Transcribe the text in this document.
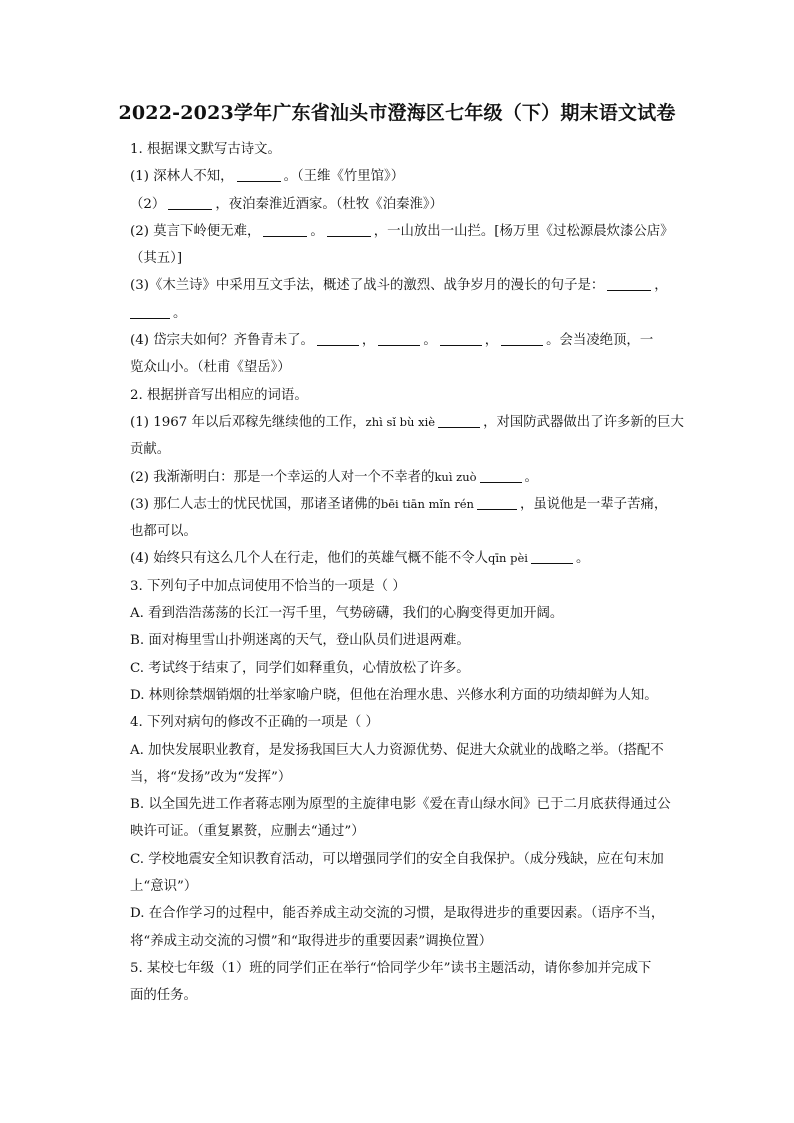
2022-2023学年广东省汕头市澄海区七年级（下）期末语文试卷
1. 根据课文默写古诗文。
(1) 深林人不知，	。（王维《竹里馆》）
（2）	，夜泊秦淮近酒家。（杜牧《泊秦淮》）
(2) 莫言下岭便无难，	。	，一山放出一山拦。[杨万里《过松源晨炊漆公店》
（其五）]
(3)《木兰诗》中采用互文手法，概述了战斗的激烈、战争岁月的漫长的句子是：	，
。
(4) 岱宗夫如何？齐鲁青未了。	，	。	，	。会当凌绝顶，一
览众山小。（杜甫《望岳》）
2. 根据拼音写出相应的词语。
(1) 1967 年以后邓稼先继续他的工作，zhì sǐ bù xiè	，对国防武器做出了许多新的巨大
贡献。
(2) 我渐渐明白：那是一个幸运的人对一个不幸者的kuì zuò	。
(3) 那仁人志士的忧民忧国，那诸圣诸佛的bēi tiān mǐn rén	，虽说他是一辈子苦痛，
也都可以。
(4) 始终只有这么几个人在行走，他们的英雄气概不能不令人qīn pèi	。
3. 下列句子中加点词使用不恰当的一项是（ ）
A. 看到浩浩荡荡的长江一泻千里，气势磅礴，我们的心胸变得更加开阔。
B. 面对梅里雪山扑朔迷离的天气，登山队员们进退两难。
C. 考试终于结束了，同学们如释重负，心情放松了许多。
D. 林则徐禁烟销烟的壮举家喻户晓，但他在治理水患、兴修水利方面的功绩却鲜为人知。
4. 下列对病句的修改不正确的一项是（ ）
A. 加快发展职业教育，是发扬我国巨大人力资源优势、促进大众就业的战略之举。（搭配不
当，将“发扬”改为“发挥”）
B. 以全国先进工作者蒋志刚为原型的主旋律电影《爱在青山绿水间》已于二月底获得通过公
映许可证。（重复累赘，应删去“通过”）
C. 学校地震安全知识教育活动，可以增强同学们的安全自我保护。（成分残缺，应在句末加
上“意识”）
D. 在合作学习的过程中，能否养成主动交流的习惯，是取得进步的重要因素。（语序不当，
将“养成主动交流的习惯”和“取得进步的重要因素”调换位置）
5. 某校七年级（1）班的同学们正在举行“恰同学少年”读书主题活动，请你参加并完成下
面的任务。
